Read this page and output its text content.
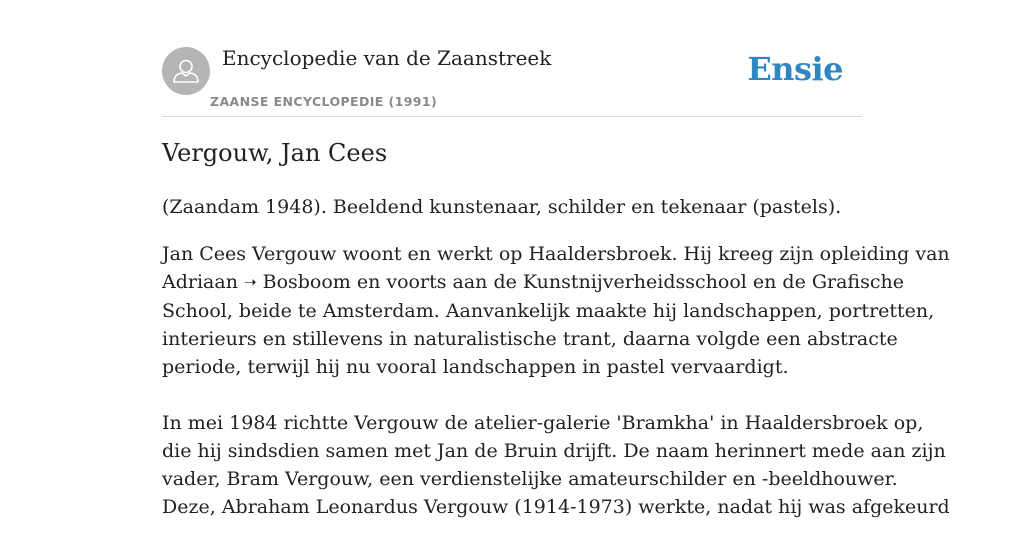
Encyclopedie van de Zaanstreek
ZAANSE ENCYCLOPEDIE (1991)
Ensie
Vergouw, Jan Cees

(Zaandam 1948). Beeldend kunstenaar, schilder en tekenaar (pastels).

Jan Cees Vergouw woont en werkt op Haaldersbroek. Hij kreeg zijn opleiding van
Adriaan ➝ Bosboom en voorts aan de Kunstnijverheidsschool en de Grafische
School, beide te Amsterdam. Aanvankelijk maakte hij landschappen, portretten,
interieurs en stillevens in naturalistische trant, daarna volgde een abstracte
periode, terwijl hij nu vooral landschappen in pastel vervaardigt.

In mei 1984 richtte Vergouw de atelier-galerie 'Bramkha' in Haaldersbroek op,
die hij sindsdien samen met Jan de Bruin drijft. De naam herinnert mede aan zijn
vader, Bram Vergouw, een verdienstelijke amateurschilder en -beeldhouwer.
Deze, Abraham Leonardus Vergouw (1914-1973) werkte, nadat hij was afgekeurd
